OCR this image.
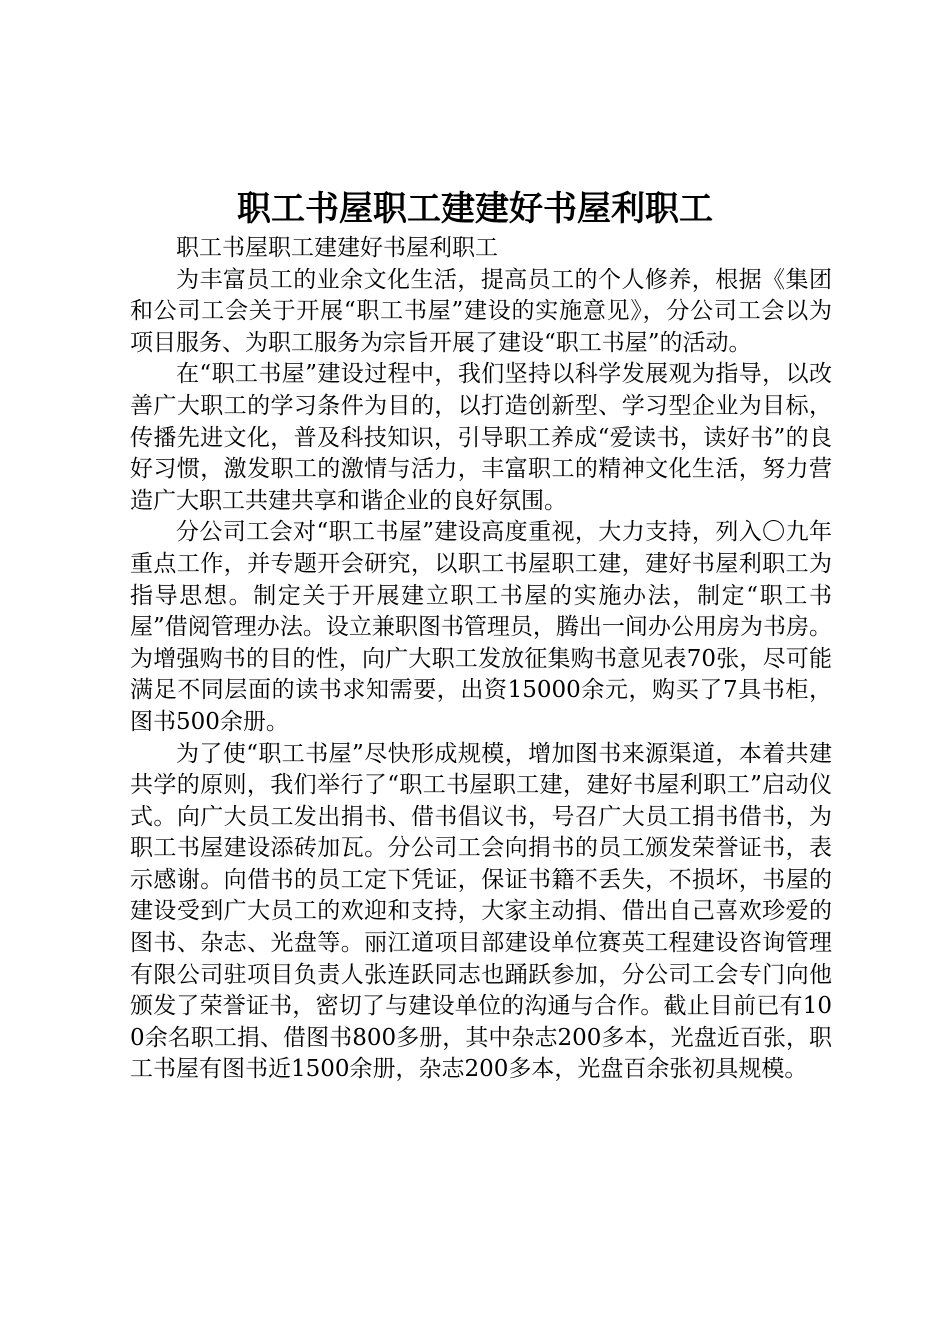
职工书屋职工建建好书屋利职工

职工书屋职工建建好书屋利职工

为丰富员工的业余文化生活，提高员工的个人修养，根据《集团和公司工会关于开展“职工书屋”建设的实施意见》，分公司工会以为项目服务、为职工服务为宗旨开展了建设“职工书屋”的活动。

在“职工书屋”建设过程中，我们坚持以科学发展观为指导，以改善广大职工的学习条件为目的，以打造创新型、学习型企业为目标，传播先进文化，普及科技知识，引导职工养成“爱读书，读好书”的良好习惯，激发职工的激情与活力，丰富职工的精神文化生活，努力营造广大职工共建共享和谐企业的良好氛围。

分公司工会对“职工书屋”建设高度重视，大力支持，列入〇九年重点工作，并专题开会研究，以职工书屋职工建，建好书屋利职工为指导思想。制定关于开展建立职工书屋的实施办法，制定“职工书屋”借阅管理办法。设立兼职图书管理员，腾出一间办公用房为书房。为增强购书的目的性，向广大职工发放征集购书意见表70张，尽可能满足不同层面的读书求知需要，出资15000余元，购买了7具书柜，图书500余册。

为了使“职工书屋”尽快形成规模，增加图书来源渠道，本着共建共学的原则，我们举行了“职工书屋职工建，建好书屋利职工”启动仪式。向广大员工发出捐书、借书倡议书，号召广大员工捐书借书，为职工书屋建设添砖加瓦。分公司工会向捐书的员工颁发荣誉证书，表示感谢。向借书的员工定下凭证，保证书籍不丢失，不损坏，书屋的建设受到广大员工的欢迎和支持，大家主动捐、借出自己喜欢珍爱的图书、杂志、光盘等。丽江道项目部建设单位赛英工程建设咨询管理有限公司驻项目负责人张连跃同志也踊跃参加，分公司工会专门向他颁发了荣誉证书，密切了与建设单位的沟通与合作。截止目前已有100余名职工捐、借图书800多册，其中杂志200多本，光盘近百张，职工书屋有图书近1500余册，杂志200多本，光盘百余张初具规模。
